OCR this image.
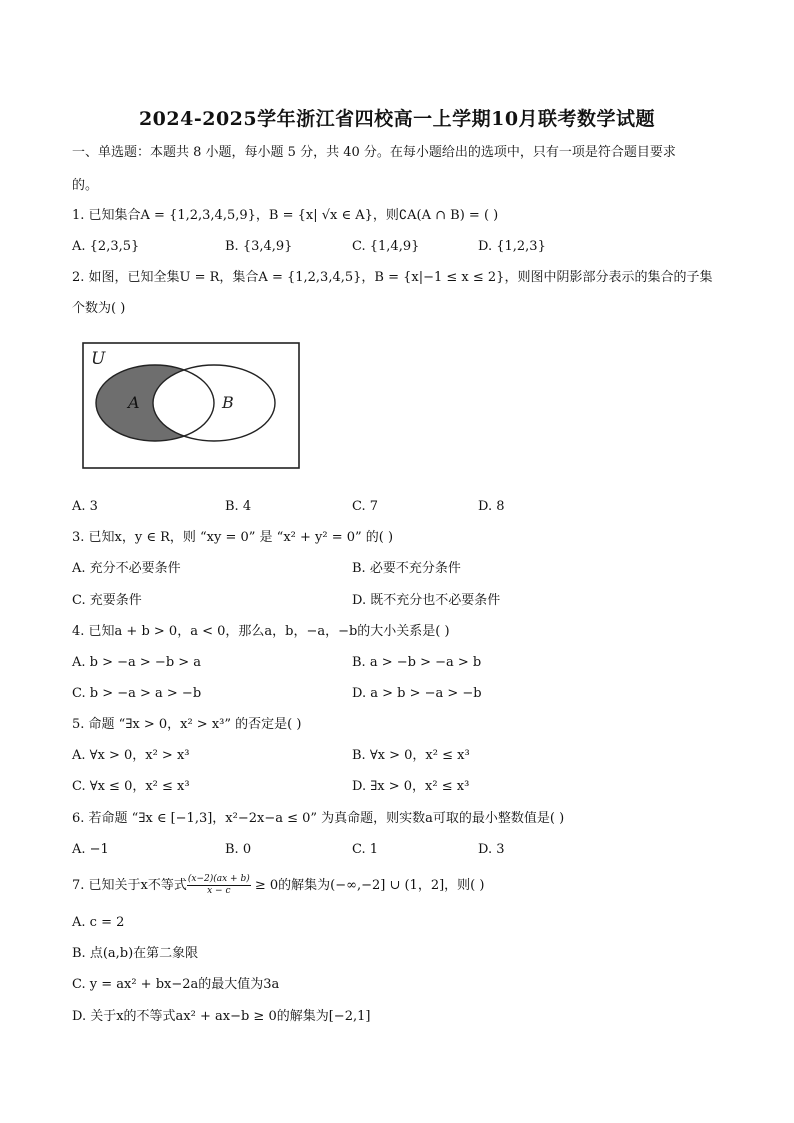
2024-2025学年浙江省四校高一上学期10月联考数学试题
一、单选题：本题共 8 小题，每小题 5 分，共 40 分。在每小题给出的选项中，只有一项是符合题目要求
的。
1. 已知集合A = {1,2,3,4,5,9}，B = {x| √x ∈ A}，则∁A(A ∩ B) = ( )
A. {2,3,5}	B. {3,4,9}	C. {1,4,9}	D. {1,2,3}
2. 如图，已知全集U = R，集合A = {1,2,3,4,5}，B = {x|−1 ≤ x ≤ 2}，则图中阴影部分表示的集合的子集
个数为( )
U
A	B
A. 3	B. 4	C. 7	D. 8
3. 已知x，y ∈ R，则 “xy = 0” 是 “x² + y² = 0” 的( )
A. 充分不必要条件	B. 必要不充分条件
C. 充要条件	D. 既不充分也不必要条件
4. 已知a + b > 0，a < 0，那么a，b，−a，−b的大小关系是( )
A. b > −a > −b > a	B. a > −b > −a > b
C. b > −a > a > −b	D. a > b > −a > −b
5. 命题 “∃x > 0，x² > x³” 的否定是( )
A. ∀x > 0，x² > x³	B. ∀x > 0，x² ≤ x³
C. ∀x ≤ 0，x² ≤ x³	D. ∃x > 0，x² ≤ x³
6. 若命题 “∃x ∈ [−1,3]，x²−2x−a ≤ 0” 为真命题，则实数a可取的最小整数值是( )
A. −1	B. 0	C. 1	D. 3
7. 已知关于x不等式 $\frac{(x-2)(ax + b)}{x - c} \ge 0$的解集为(−∞,−2] ∪ (1，2]，则( )
A. c = 2
B. 点(a,b)在第二象限
C. y = ax² + bx−2a的最大值为3a
D. 关于x的不等式ax² + ax−b ≥ 0的解集为[−2,1]
